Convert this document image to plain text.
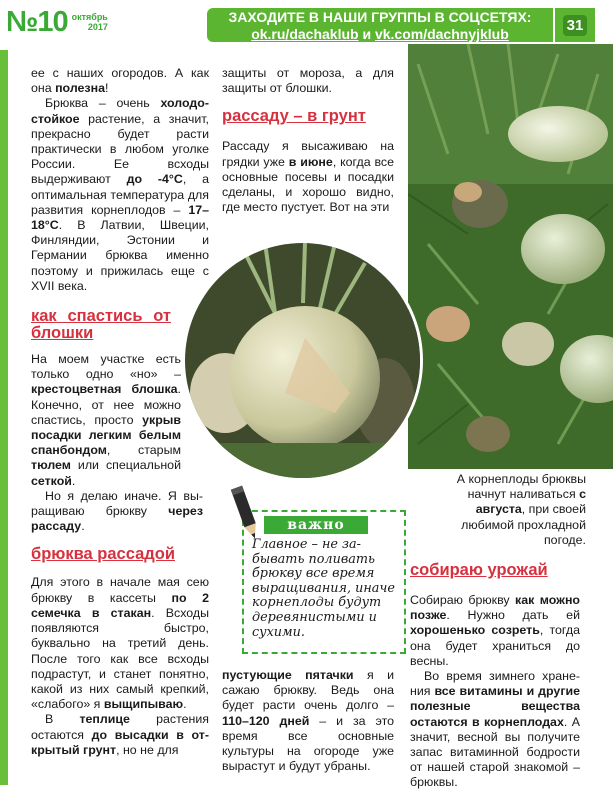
№10 октябрь
2017
ЗАХОДИТЕ В НАШИ ГРУППЫ В СОЦСЕТЯХ:
ok.ru/dachaklub и vk.com/dachnyjklub
31

ее с наших огородов. А как она полезна!

Брюква – очень холодостойкое растение, а значит, прекрасно будет расти практически в любом уголке России. Ее всходы выдерживают до -4°С, а оптимальная температура для развития корнеплодов – 17–18°С. В Латвии, Швеции, Финляндии, Эстонии и Германии брюква именно поэтому и прижилась еще с XVII века.

как спастись от блошки

На моем участке есть только одно «но» – крестоцветная блошка. Конечно, от нее можно спастись, просто укрыв посадки легким белым спанбондом, старым тюлем или специальной сеткой.

Но я делаю иначе. Я выращиваю брюкву через рассаду.

брюква рассадой

Для этого в начале мая сею брюкву в кассеты по 2 семечка в стакан. Всходы появляются быстро, буквально на третий день. После того как все всходы подрастут, и станет понятно, какой из них самый крепкий, «слабого» я выщипываю.

В теплице растения остаются до высадки в открытый грунт, но не для

защиты от мороза, а для защиты от блошки.

рассаду – в грунт

Рассаду я высаживаю на грядки уже в июне, когда все основные посевы и посадки сделаны, и хорошо видно, где место пустует. Вот на эти

важно
Главное – не забывать поливать брюкву все время выращивания, иначе корнеплоды будут деревянистыми и сухими.

пустующие пятачки я и сажаю брюкву. Ведь она будет расти очень долго – 110–120 дней – и за это время все основные культуры на огороде уже вырастут и будут убраны.

А корнеплоды брюквы начнут наливаться с августа, при своей любимой прохладной погоде.

собираю урожай

Собираю брюкву как можно позже. Нужно дать ей хорошенько созреть, тогда она будет храниться до весны.

Во время зимнего хранения все витамины и другие полезные вещества остаются в корнеплодах. А значит, весной вы получите запас витаминной бодрости от нашей старой знакомой – брюквы.
